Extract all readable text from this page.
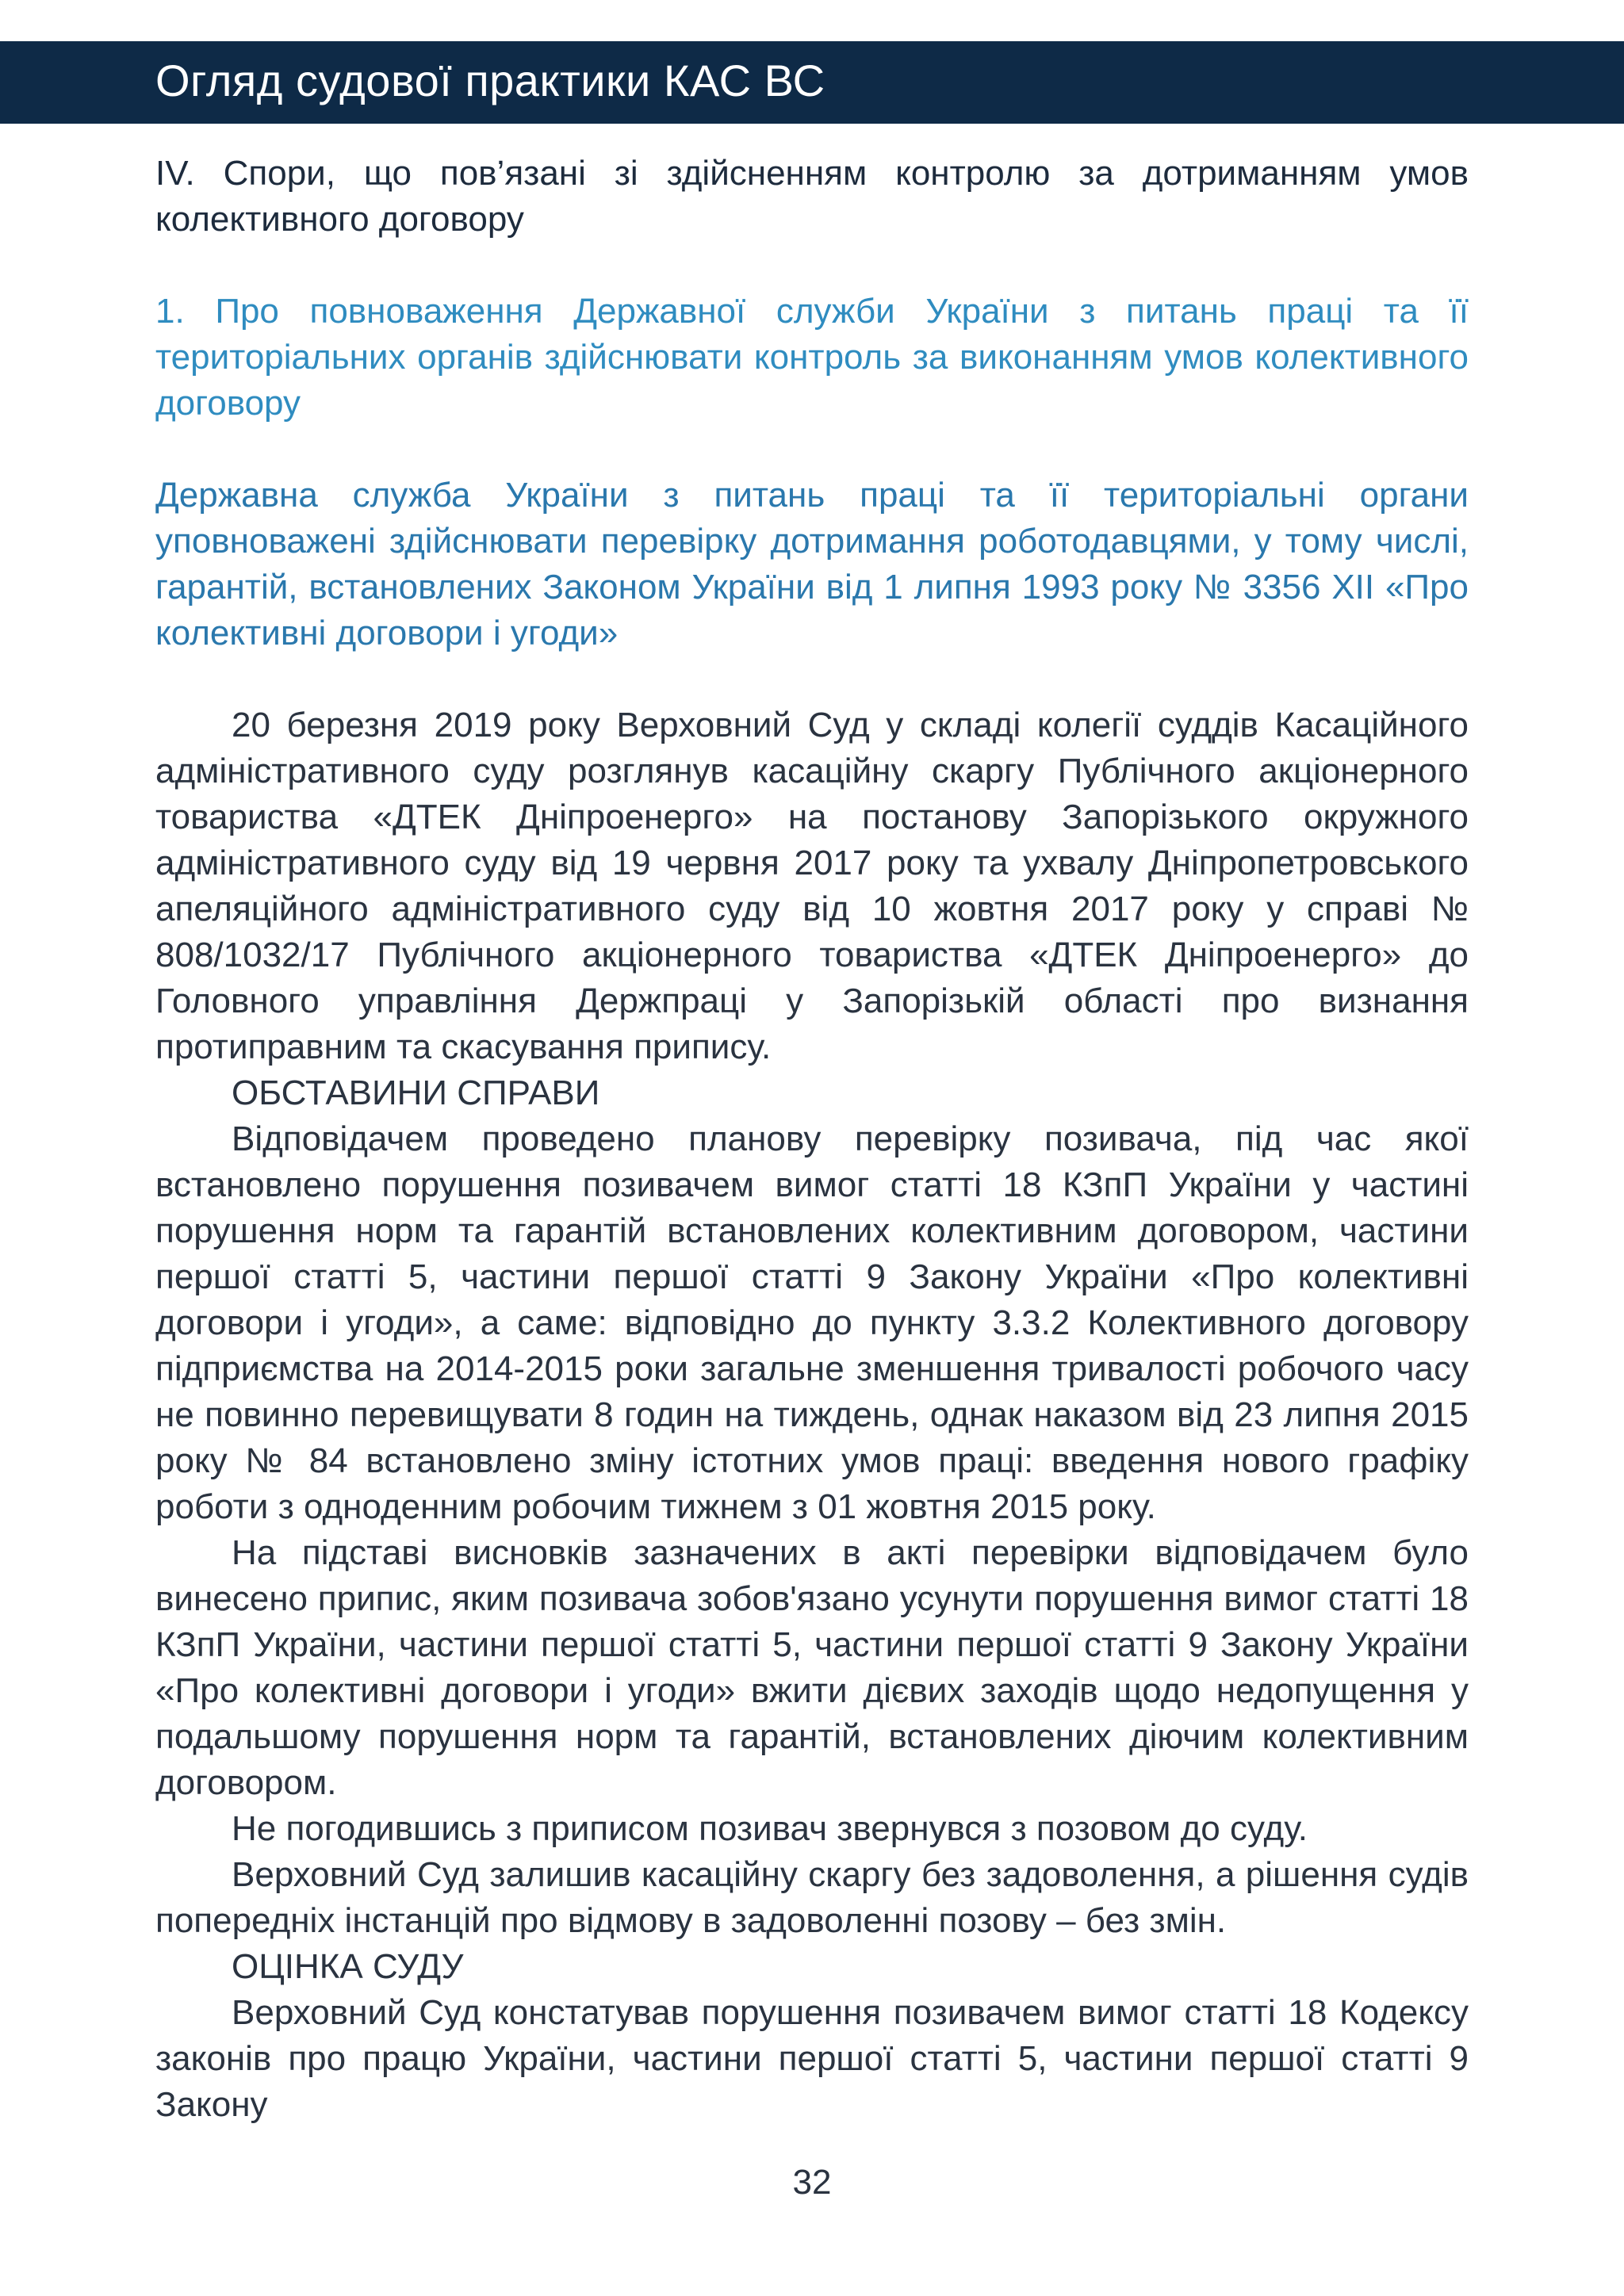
Огляд судової практики КАС ВС

IV. Спори, що пов’язані зі здійсненням контролю за дотриманням умов колективного договору

1. Про повноваження Державної служби України з питань праці та її територіальних органів здійснювати контроль за виконанням умов колективного договору

Державна служба України з питань праці та її територіальні органи уповноважені здійснювати перевірку дотримання роботодавцями, у тому числі, гарантій, встановлених Законом України від 1 липня 1993 року № 3356 XII «Про колективні договори і угоди»

20 березня 2019 року Верховний Суд у складі колегії суддів Касаційного адміністративного суду розглянув касаційну скаргу Публічного акціонерного товариства «ДТЕК Дніпроенерго» на постанову Запорізького окружного адміністративного суду від 19 червня 2017 року та ухвалу Дніпропетровського апеляційного адміністративного суду від 10 жовтня 2017 року у справі № 808/1032/17 Публічного акціонерного товариства «ДТЕК Дніпроенерго» до Головного управління Держпраці у Запорізькій області про визнання протиправним та скасування припису.

ОБСТАВИНИ СПРАВИ

Відповідачем проведено планову перевірку позивача, під час якої встановлено порушення позивачем вимог статті 18 КЗпП України у частині порушення норм та гарантій встановлених колективним договором, частини першої статті 5, частини першої статті 9 Закону України «Про колективні договори і угоди», а саме: відповідно до пункту 3.3.2 Колективного договору підприємства на 2014-2015 роки загальне зменшення тривалості робочого часу не повинно перевищувати 8 годин на тиждень, однак наказом від 23 липня 2015 року № 84 встановлено зміну істотних умов праці: введення нового графіку роботи з одноденним робочим тижнем з 01 жовтня 2015 року.

На підставі висновків зазначених в акті перевірки відповідачем було винесено припис, яким позивача зобов'язано усунути порушення вимог статті 18 КЗпП України, частини першої статті 5, частини першої статті 9 Закону України «Про колективні договори і угоди» вжити дієвих заходів щодо недопущення у подальшому порушення норм та гарантій, встановлених діючим колективним договором.

Не погодившись з приписом позивач звернувся з позовом до суду.

Верховний Суд залишив касаційну скаргу без задоволення, а рішення судів попередніх інстанцій про відмову в задоволенні позову – без змін.

ОЦІНКА СУДУ

Верховний Суд констатував порушення позивачем вимог статті 18 Кодексу законів про працю України, частини першої статті 5, частини першої статті 9 Закону

32
